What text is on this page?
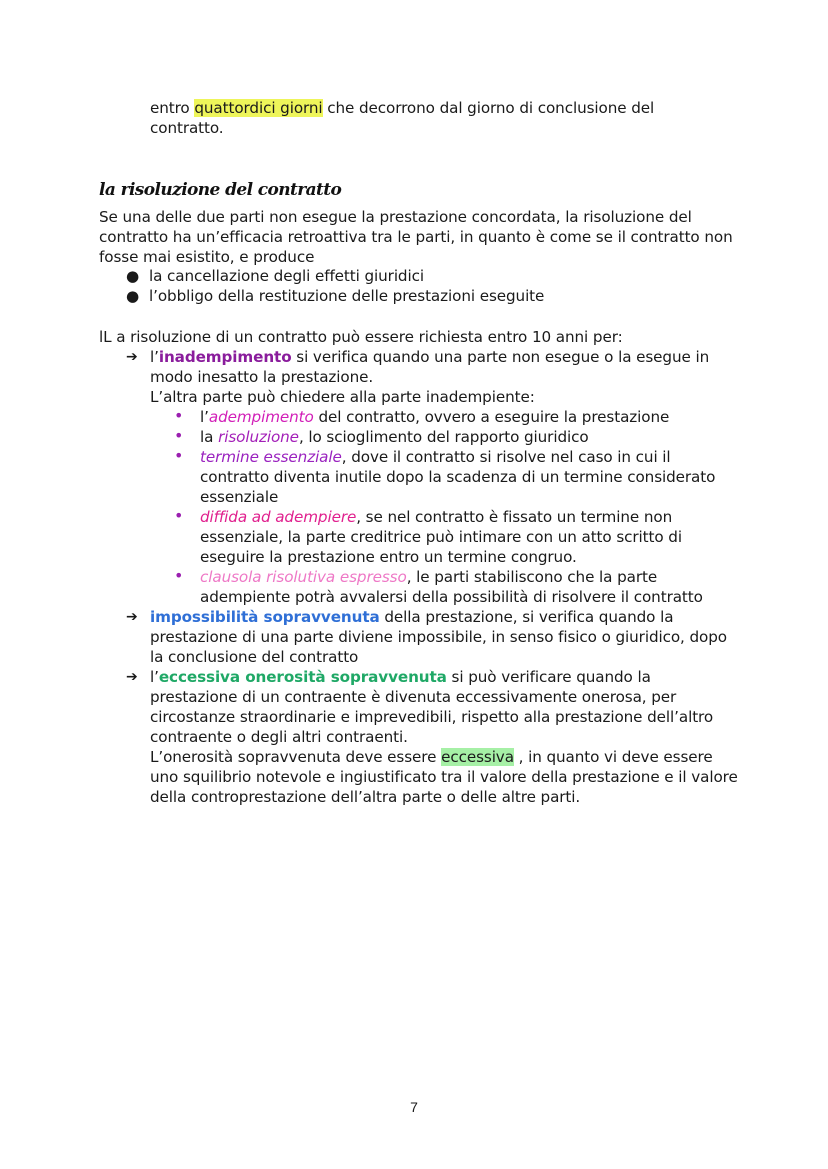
entro quattordici giorni che decorrono dal giorno di conclusione del contratto.
la risoluzione del contratto
Se una delle due parti non esegue la prestazione concordata, la risoluzione del contratto ha un’efficacia retroattiva tra le parti, in quanto è come se il contratto non fosse mai esistito, e produce
● la cancellazione degli effetti giuridici
● l’obbligo della restituzione delle prestazioni eseguite
lL a risoluzione di un contratto può essere richiesta entro 10 anni per:
➔ l’inadempimento si verifica quando una parte non esegue o la esegue in modo inesatto la prestazione.
L’altra parte può chiedere alla parte inadempiente:
• l’adempimento del contratto, ovvero a eseguire la prestazione
• la risoluzione, lo scioglimento del rapporto giuridico
• termine essenziale, dove il contratto si risolve nel caso in cui il contratto diventa inutile dopo la scadenza di un termine considerato essenziale
• diffida ad adempiere, se nel contratto è fissato un termine non essenziale, la parte creditrice può intimare con un atto scritto di eseguire la prestazione entro un termine congruo.
• clausola risolutiva espresso, le parti stabiliscono che la parte adempiente potrà avvalersi della possibilità di risolvere il contratto
➔ impossibilità sopravvenuta della prestazione, si verifica quando la prestazione di una parte diviene impossibile, in senso fisico o giuridico, dopo la conclusione del contratto
➔ l’eccessiva onerosità sopravvenuta si può verificare quando la prestazione di un contraente è divenuta eccessivamente onerosa, per circostanze straordinarie e imprevedibili, rispetto alla prestazione dell’altro contraente o degli altri contraenti.
L’onerosità sopravvenuta deve essere eccessiva , in quanto vi deve essere uno squilibrio notevole e ingiustificato tra il valore della prestazione e il valore della controprestazione dell’altra parte o delle altre parti.
7
